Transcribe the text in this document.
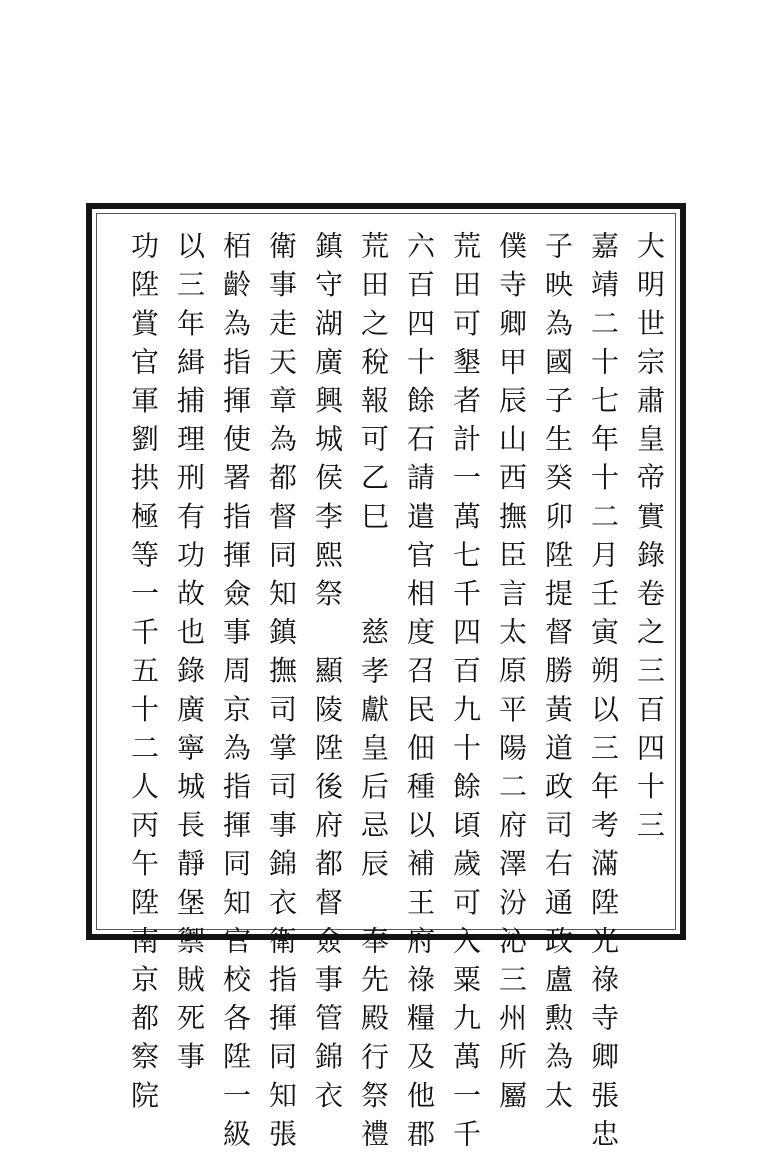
大明世宗肅皇帝實錄卷之三百四十三
嘉靖二十七年十二月壬寅朔以三年考滿陞光祿寺卿張忠
子映為國子生癸卯陞提督勝黃道政司右通政盧勲為太
僕寺卿甲辰山西撫臣言太原平陽二府澤汾沁三州所屬
荒田可墾者計一萬七千四百九十餘頃歲可入粟九萬一千
六百四十餘石請遣官相度召民佃種以補王府祿糧及他郡
荒田之稅報可乙巳　　慈孝獻皇后忌辰　奉先殿行祭禮
鎮守湖廣興城侯李熙祭　顯陵陞後府都督僉事管錦衣
衛事走天章為都督同知鎮撫司掌司事錦衣衛指揮同知張
栢齡為指揮使署指揮僉事周京為指揮同知官校各陞一級
以三年緝捕理刑有功故也錄廣寧城長靜堡禦賊死事
功陞賞官軍劉拱極等一千五十二人丙午陞南京都察院
